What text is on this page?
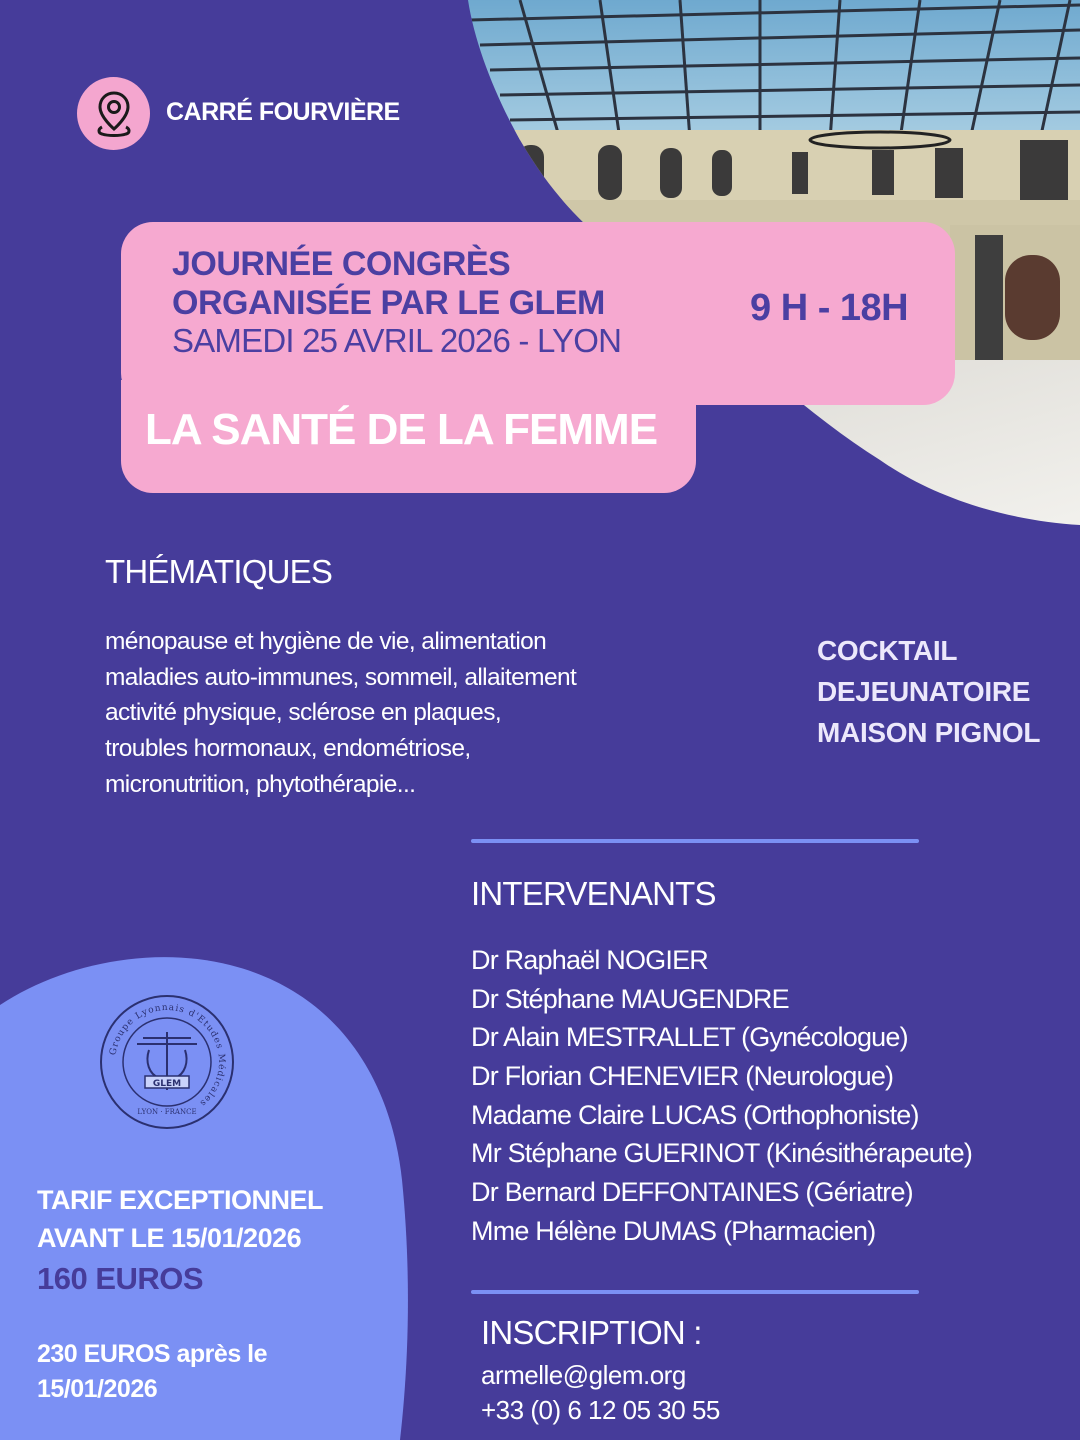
CARRÉ FOURVIÈRE
JOURNÉE CONGRÈS
ORGANISÉE PAR LE GLEM
SAMEDI 25 AVRIL 2026 - LYON
9 H - 18H
LA SANTÉ DE LA FEMME
THÉMATIQUES
ménopause et hygiène de vie, alimentation
maladies auto-immunes, sommeil, allaitement
activité physique, sclérose en plaques,
troubles hormonaux, endométriose,
micronutrition, phytothérapie...
COCKTAIL
DEJEUNATOIRE
MAISON PIGNOL
INTERVENANTS
Dr Raphaël NOGIER
Dr Stéphane MAUGENDRE
Dr Alain MESTRALLET (Gynécologue)
Dr Florian CHENEVIER (Neurologue)
Madame Claire LUCAS (Orthophoniste)
Mr Stéphane GUERINOT (Kinésithérapeute)
Dr Bernard DEFFONTAINES (Gériatre)
Mme Hélène DUMAS (Pharmacien)
INSCRIPTION :
armelle@glem.org
+33 (0) 6 12 05 30 55
Groupe Lyonnais d'Etudes Médicales
LYON · FRANCE
GLEM
TARIF EXCEPTIONNEL
AVANT LE 15/01/2026
160 EUROS
230 EUROS après le
15/01/2026
